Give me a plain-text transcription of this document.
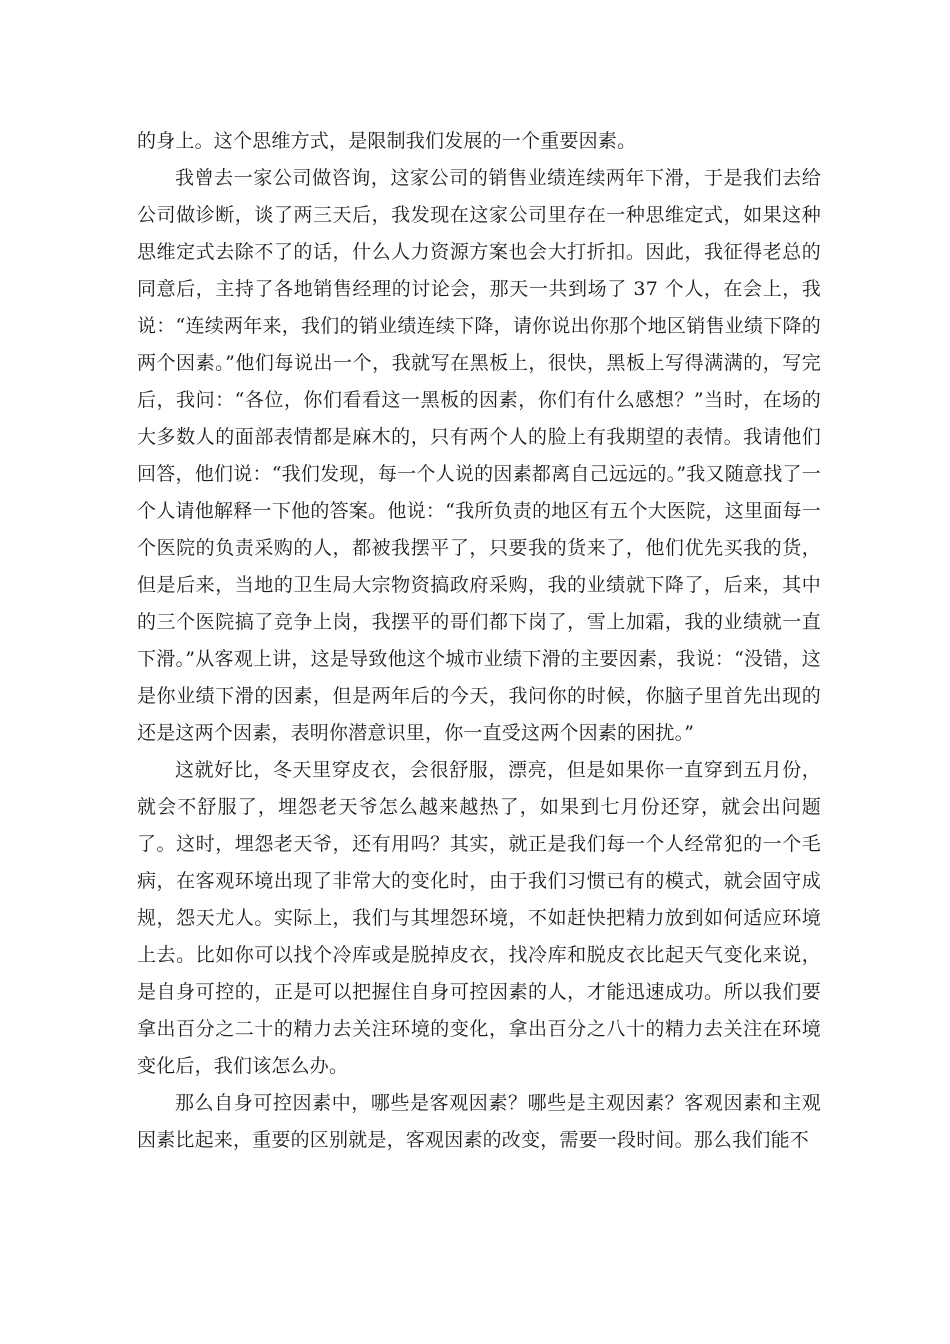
的身上。这个思维方式，是限制我们发展的一个重要因素。

我曾去一家公司做咨询，这家公司的销售业绩连续两年下滑，于是我们去给公司做诊断，谈了两三天后，我发现在这家公司里存在一种思维定式，如果这种思维定式去除不了的话，什么人力资源方案也会大打折扣。因此，我征得老总的同意后，主持了各地销售经理的讨论会，那天一共到场了 37 个人，在会上，我说：“连续两年来，我们的销业绩连续下降，请你说出你那个地区销售业绩下降的两个因素。”他们每说出一个，我就写在黑板上，很快，黑板上写得满满的，写完后，我问：“各位，你们看看这一黑板的因素，你们有什么感想？”当时，在场的大多数人的面部表情都是麻木的，只有两个人的脸上有我期望的表情。我请他们回答，他们说：“我们发现，每一个人说的因素都离自己远远的。”我又随意找了一个人请他解释一下他的答案。他说：“我所负责的地区有五个大医院，这里面每一个医院的负责采购的人，都被我摆平了，只要我的货来了，他们优先买我的货，但是后来，当地的卫生局大宗物资搞政府采购，我的业绩就下降了，后来，其中的三个医院搞了竞争上岗，我摆平的哥们都下岗了，雪上加霜，我的业绩就一直下滑。”从客观上讲，这是导致他这个城市业绩下滑的主要因素，我说：“没错，这是你业绩下滑的因素，但是两年后的今天，我问你的时候，你脑子里首先出现的还是这两个因素，表明你潜意识里，你一直受这两个因素的困扰。”

这就好比，冬天里穿皮衣，会很舒服，漂亮，但是如果你一直穿到五月份，就会不舒服了，埋怨老天爷怎么越来越热了，如果到七月份还穿，就会出问题了。这时，埋怨老天爷，还有用吗？其实，就正是我们每一个人经常犯的一个毛病，在客观环境出现了非常大的变化时，由于我们习惯已有的模式，就会固守成规，怨天尤人。实际上，我们与其埋怨环境，不如赶快把精力放到如何适应环境上去。比如你可以找个冷库或是脱掉皮衣，找冷库和脱皮衣比起天气变化来说，是自身可控的，正是可以把握住自身可控因素的人，才能迅速成功。所以我们要拿出百分之二十的精力去关注环境的变化，拿出百分之八十的精力去关注在环境变化后，我们该怎么办。

那么自身可控因素中，哪些是客观因素？哪些是主观因素？客观因素和主观因素比起来，重要的区别就是，客观因素的改变，需要一段时间。那么我们能不
